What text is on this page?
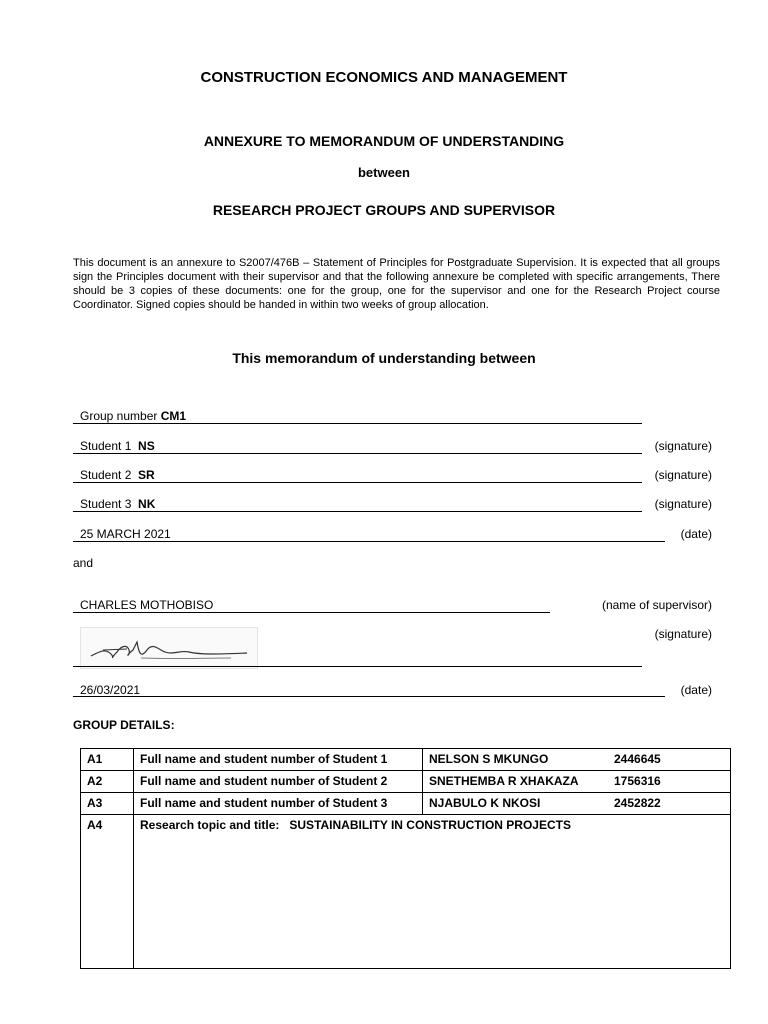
CONSTRUCTION ECONOMICS AND MANAGEMENT
ANNEXURE TO MEMORANDUM OF UNDERSTANDING
between
RESEARCH PROJECT GROUPS AND SUPERVISOR
This document is an annexure to S2007/476B – Statement of Principles for Postgraduate Supervision. It is expected that all groups sign the Principles document with their supervisor and that the following annexure be completed with specific arrangements, There should be 3 copies of these documents: one for the group, one for the supervisor and one for the Research Project course Coordinator. Signed copies should be handed in within two weeks of group allocation.
This memorandum of understanding between
Group number CM1
Student 1 NS	(signature)
Student 2 SR	(signature)
Student 3 NK	(signature)
25 MARCH 2021	(date)
and
CHARLES MOTHOBISO	(name of supervisor)
(signature)
26/03/2021	(date)
GROUP DETAILS:
A1	Full name and student number of Student 1	NELSON S MKUNGO 2446645
A2	Full name and student number of Student 2	SNETHEMBA R XHAKAZA 1756316
A3	Full name and student number of Student 3	NJABULO K NKOSI 2452822
A4	Research topic and title: SUSTAINABILITY IN CONSTRUCTION PROJECTS	
